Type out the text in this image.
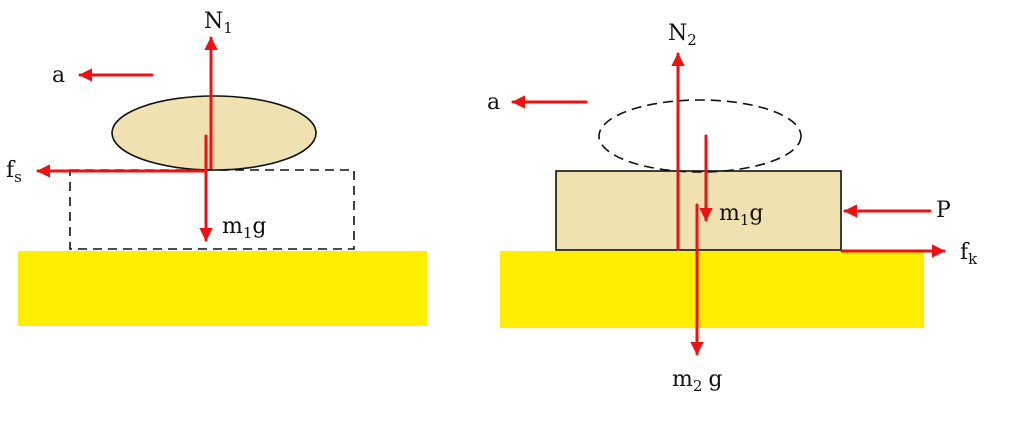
$N_1$
a
$f_s$
$m_1g$
$N_2$
a
P
$f_k$
$m_1g$
$m_2$ g
